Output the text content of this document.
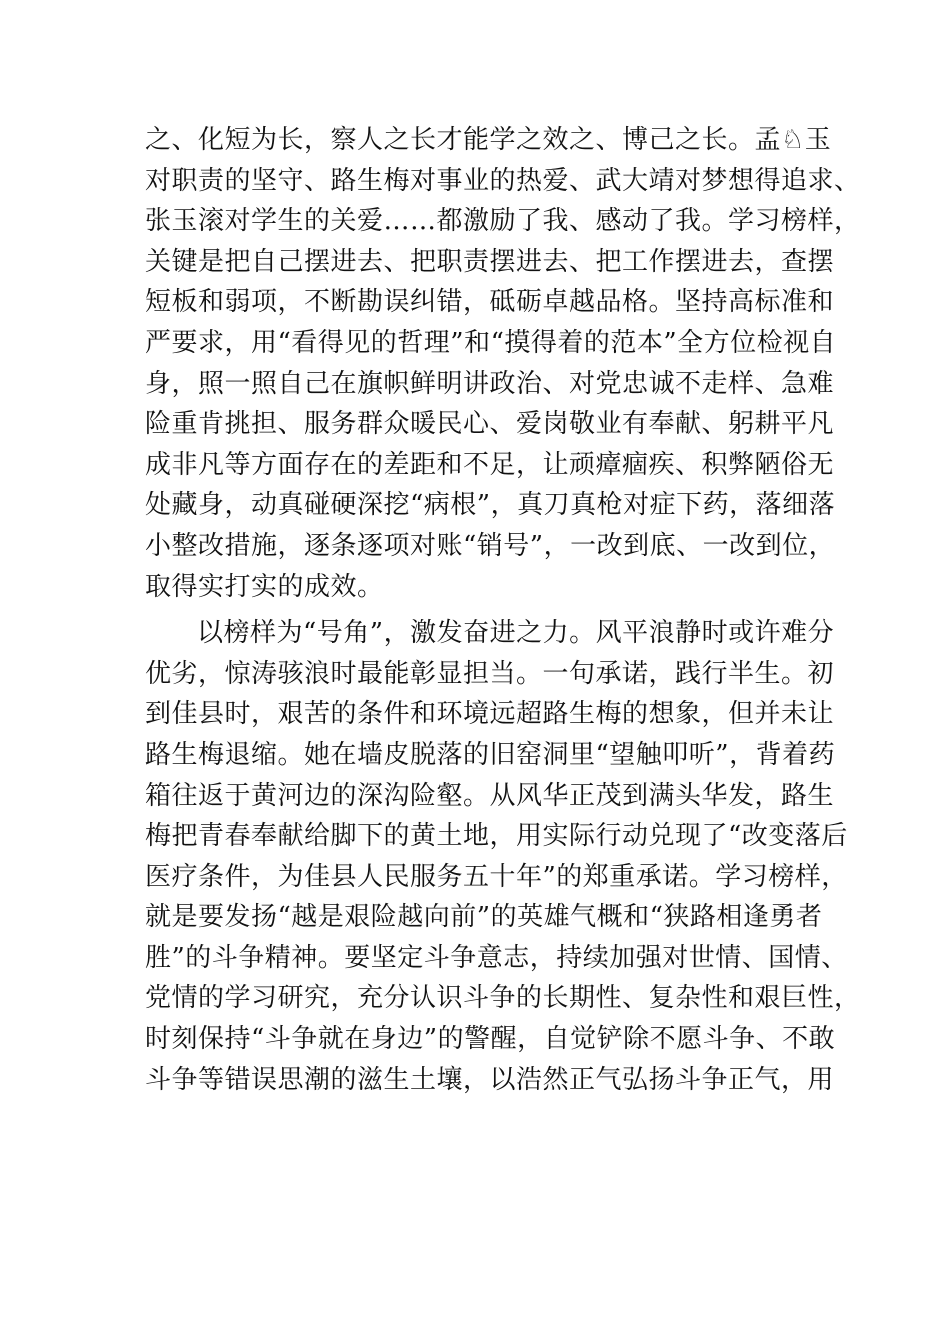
之、化短为长，察人之长才能学之效之、博己之长。孟♘玉
对职责的坚守、路生梅对事业的热爱、武大靖对梦想得追求、
张玉滚对学生的关爱……都激励了我、感动了我。学习榜样，
关键是把自己摆进去、把职责摆进去、把工作摆进去，查摆
短板和弱项，不断勘误纠错，砥砺卓越品格。坚持高标准和
严要求，用“看得见的哲理”和“摸得着的范本”全方位检视自
身，照一照自己在旗帜鲜明讲政治、对党忠诚不走样、急难
险重肯挑担、服务群众暖民心、爱岗敬业有奉献、躬耕平凡
成非凡等方面存在的差距和不足，让顽瘴痼疾、积弊陋俗无
处藏身，动真碰硬深挖“病根”，真刀真枪对症下药，落细落
小整改措施，逐条逐项对账“销号”，一改到底、一改到位，
取得实打实的成效。
以榜样为“号角”，激发奋进之力。风平浪静时或许难分
优劣，惊涛骇浪时最能彰显担当。一句承诺，践行半生。初
到佳县时，艰苦的条件和环境远超路生梅的想象，但并未让
路生梅退缩。她在墙皮脱落的旧窑洞里“望触叩听”，背着药
箱往返于黄河边的深沟险壑。从风华正茂到满头华发，路生
梅把青春奉献给脚下的黄土地，用实际行动兑现了“改变落后
医疗条件，为佳县人民服务五十年”的郑重承诺。学习榜样，
就是要发扬“越是艰险越向前”的英雄气概和“狭路相逢勇者
胜”的斗争精神。要坚定斗争意志，持续加强对世情、国情、
党情的学习研究，充分认识斗争的长期性、复杂性和艰巨性，
时刻保持“斗争就在身边”的警醒，自觉铲除不愿斗争、不敢
斗争等错误思潮的滋生土壤，以浩然正气弘扬斗争正气，用
